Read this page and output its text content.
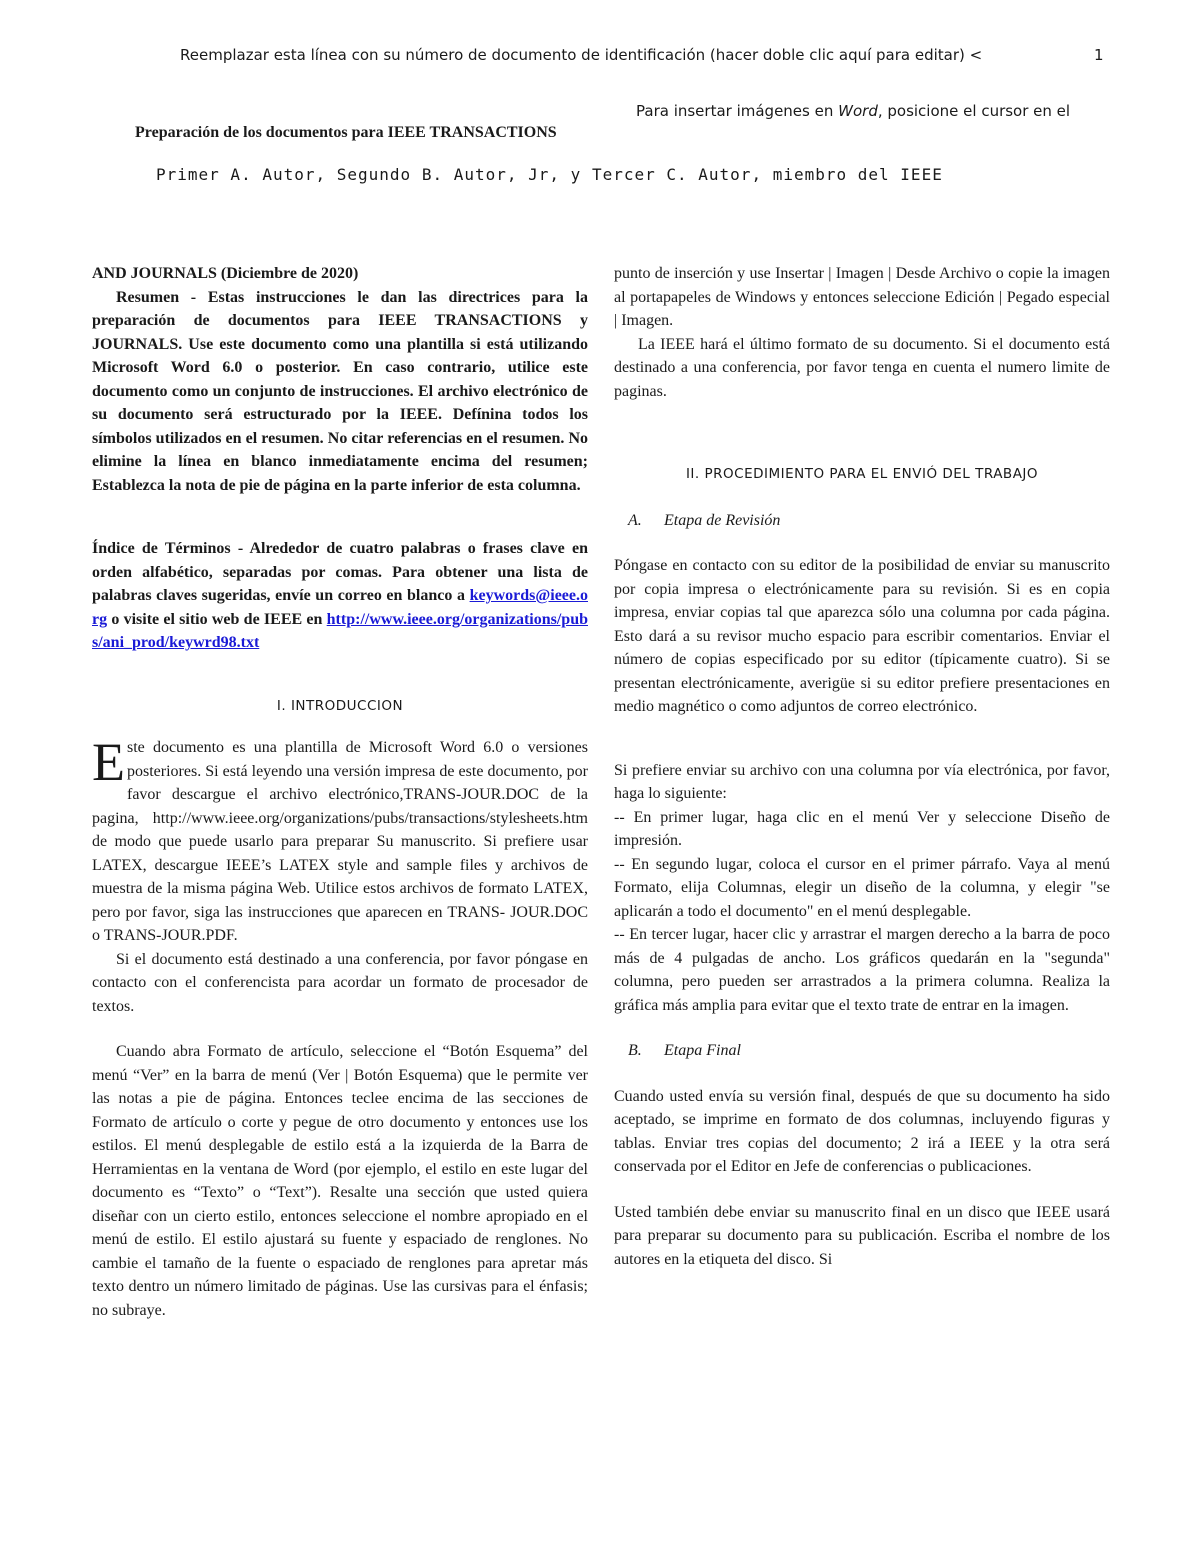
Reemplazar esta línea con su número de documento de identificación (hacer doble clic aquí para editar) <	1
Para insertar imágenes en Word, posicione el cursor en el
Preparación de los documentos para IEEE TRANSACTIONS
Primer A. Autor, Segundo B. Autor, Jr, y Tercer C. Autor, miembro del IEEE

AND JOURNALS (Diciembre de 2020)

Resumen - Estas instrucciones le dan las directrices para la preparación de documentos para IEEE TRANSACTIONS y JOURNALS. Use este documento como una plantilla si está utilizando Microsoft Word 6.0 o posterior. En caso contrario, utilice este documento como un conjunto de instrucciones. El archivo electrónico de su documento será estructurado por la IEEE. Defínina todos los símbolos utilizados en el resumen. No citar referencias en el resumen. No elimine la línea en blanco inmediatamente encima del resumen; Establezca la nota de pie de página en la parte inferior de esta columna.

Índice de Términos - Alrededor de cuatro palabras o frases clave en orden alfabético, separadas por comas. Para obtener una lista de palabras claves sugeridas, envíe un correo en blanco a keywords@ieee.org o visite el sitio web de IEEE en http://www.ieee.org/organizations/pubs/ani_prod/keywrd98.txt

I. INTRODUCCION

Este documento es una plantilla de Microsoft Word 6.0 o versiones posteriores. Si está leyendo una versión impresa de este documento, por favor descargue el archivo electrónico,TRANS-JOUR.DOC de la pagina, http://www.ieee.org/organizations/pubs/transactions/stylesheets.htm de modo que puede usarlo para preparar Su manuscrito. Si prefiere usar LATEX, descargue IEEE’s LATEX style and sample files y archivos de muestra de la misma página Web. Utilice estos archivos de formato LATEX, pero por favor, siga las instrucciones que aparecen en TRANS- JOUR.DOC o TRANS-JOUR.PDF.

Si el documento está destinado a una conferencia, por favor póngase en contacto con el conferencista para acordar un formato de procesador de textos.

Cuando abra Formato de artículo, seleccione el “Botón Esquema” del menú “Ver” en la barra de menú (Ver | Botón Esquema) que le permite ver las notas a pie de página. Entonces teclee encima de las secciones de Formato de artículo o corte y pegue de otro documento y entonces use los estilos. El menú desplegable de estilo está a la izquierda de la Barra de Herramientas en la ventana de Word (por ejemplo, el estilo en este lugar del documento es “Texto” o “Text”). Resalte una sección que usted quiera diseñar con un cierto estilo, entonces seleccione el nombre apropiado en el menú de estilo. El estilo ajustará su fuente y espaciado de renglones. No cambie el tamaño de la fuente o espaciado de renglones para apretar más texto dentro un número limitado de páginas. Use las cursivas para el énfasis; no subraye.

punto de inserción y use Insertar | Imagen | Desde Archivo o copie la imagen al portapapeles de Windows y entonces seleccione Edición | Pegado especial | Imagen.

La IEEE hará el último formato de su documento. Si el documento está destinado a una conferencia, por favor tenga en cuenta el numero limite de paginas.

II. PROCEDIMIENTO PARA EL ENVIÓ DEL TRABAJO

A. Etapa de Revisión

Póngase en contacto con su editor de la posibilidad de enviar su manuscrito por copia impresa o electrónicamente para su revisión. Si es en copia impresa, enviar copias tal que aparezca sólo una columna por cada página. Esto dará a su revisor mucho espacio para escribir comentarios. Enviar el número de copias especificado por su editor (típicamente cuatro). Si se presentan electrónicamente, averigüe si su editor prefiere presentaciones en medio magnético o como adjuntos de correo electrónico.

Si prefiere enviar su archivo con una columna por vía electrónica, por favor, haga lo siguiente:

-- En primer lugar, haga clic en el menú Ver y seleccione Diseño de impresión.

-- En segundo lugar, coloca el cursor en el primer párrafo. Vaya al menú Formato, elija Columnas, elegir un diseño de la columna, y elegir "se aplicarán a todo el documento" en el menú desplegable.

-- En tercer lugar, hacer clic y arrastrar el margen derecho a la barra de poco más de 4 pulgadas de ancho. Los gráficos quedarán en la "segunda" columna, pero pueden ser arrastrados a la primera columna. Realiza la gráfica más amplia para evitar que el texto trate de entrar en la imagen.

B. Etapa Final

Cuando usted envía su versión final, después de que su documento ha sido aceptado, se imprime en formato de dos columnas, incluyendo figuras y tablas. Enviar tres copias del documento; 2 irá a IEEE y la otra será conservada por el Editor en Jefe de conferencias o publicaciones.

Usted también debe enviar su manuscrito final en un disco que IEEE usará para preparar su documento para su publicación. Escriba el nombre de los autores en la etiqueta del disco. Si
